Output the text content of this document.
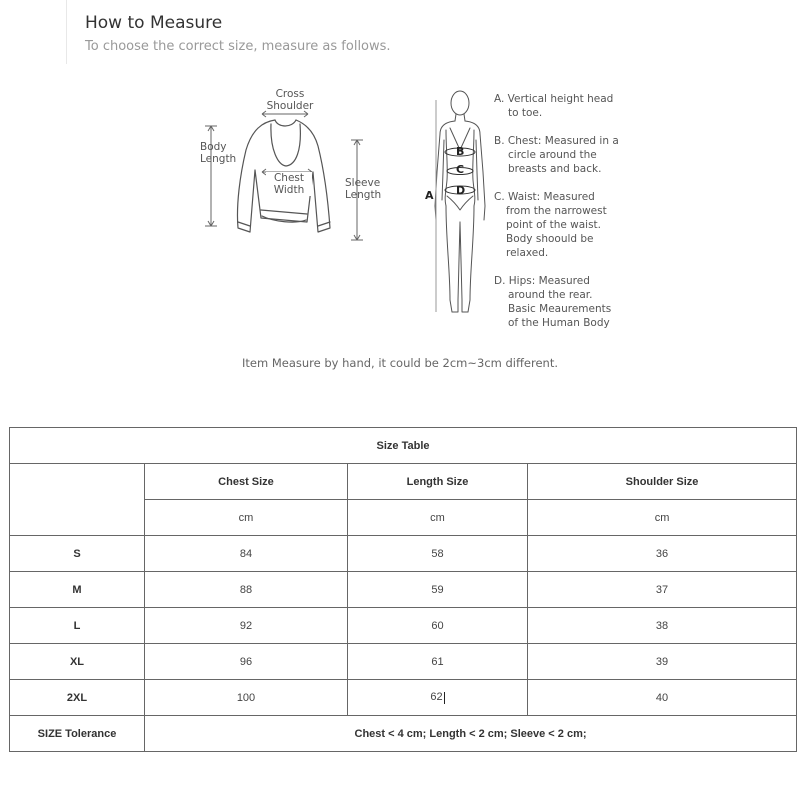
How to Measure
To choose the correct size, measure as follows.
Cross
Shoulder
Body
Length
Chest
Width
Sleeve
Length	A
B
C
D
A. Vertical height head
to toe.
B. Chest: Measured in a
circle around the
breasts and back.
C. Waist: Measured
from the narrowest
point of the waist.
Body shoould be
relaxed.
D. Hips: Measured
around the rear.
Basic Meaurements
of the Human Body
Item Measure by hand, it could be 2cm~3cm different.
Size Table			
	Chest Size	Length Size	Shoulder Size
	cm	cm	cm
S	84	58	36
M	88	59	37
L	92	60	38
XL	96	61	39
2XL	100	62	40
SIZE Tolerance	Chest < 4 cm; Length < 2 cm; Sleeve < 2 cm;		
